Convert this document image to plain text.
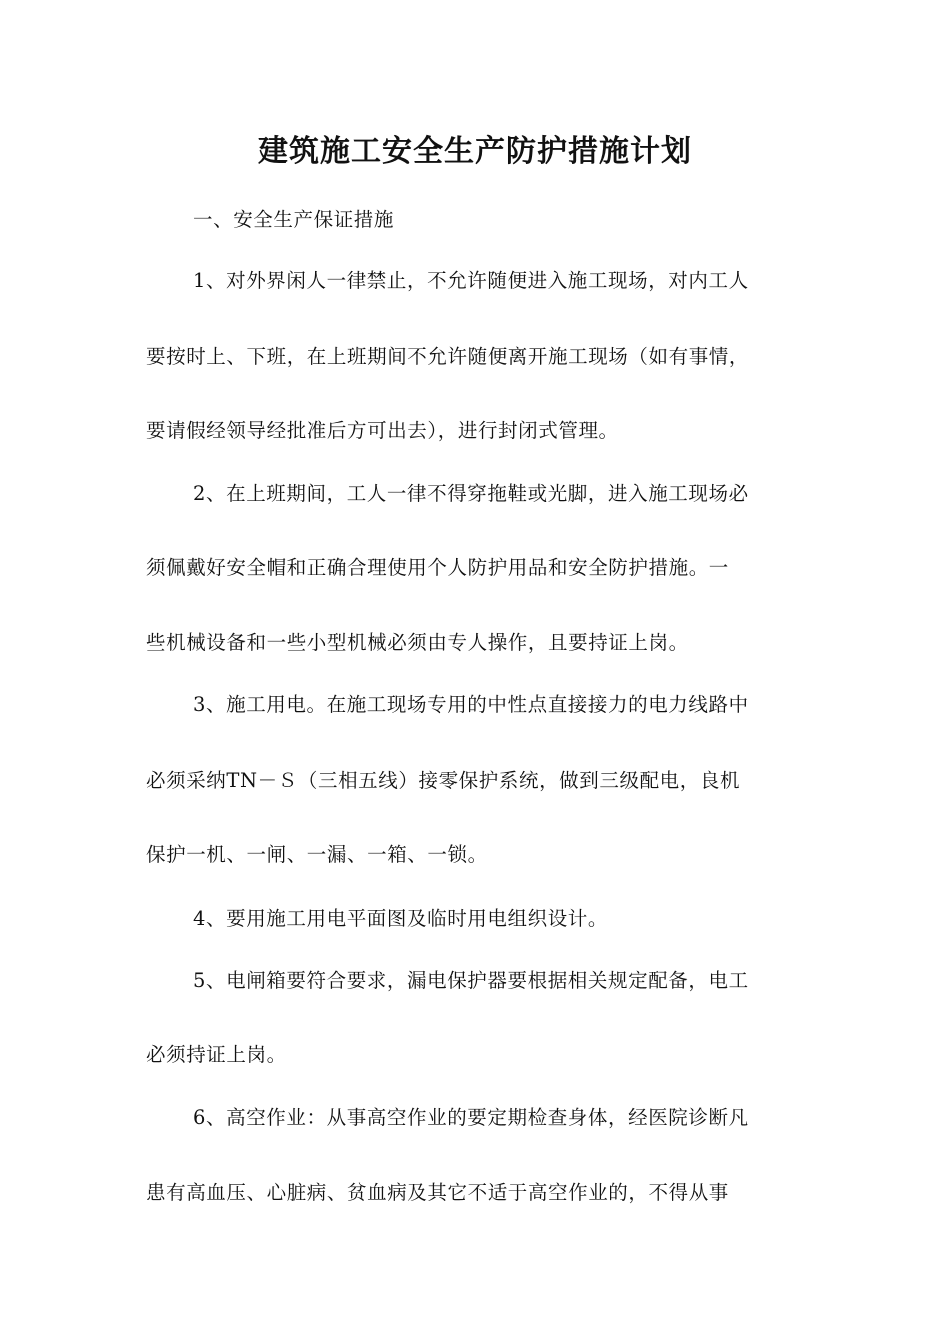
建筑施工安全生产防护措施计划
一、安全生产保证措施
1、对外界闲人一律禁止，不允许随便进入施工现场，对内工人
要按时上、下班，在上班期间不允许随便离开施工现场（如有事情，
要请假经领导经批准后方可出去），进行封闭式管理。
2、在上班期间，工人一律不得穿拖鞋或光脚，进入施工现场必
须佩戴好安全帽和正确合理使用个人防护用品和安全防护措施。一
些机械设备和一些小型机械必须由专人操作，且要持证上岗。
3、施工用电。在施工现场专用的中性点直接接力的电力线路中
必须采纳TN－Ｓ（三相五线）接零保护系统，做到三级配电，良机
保护一机、一闸、一漏、一箱、一锁。
4、要用施工用电平面图及临时用电组织设计。
5、电闸箱要符合要求，漏电保护器要根据相关规定配备，电工
必须持证上岗。
6、高空作业：从事高空作业的要定期检查身体，经医院诊断凡
患有高血压、心脏病、贫血病及其它不适于高空作业的，不得从事
